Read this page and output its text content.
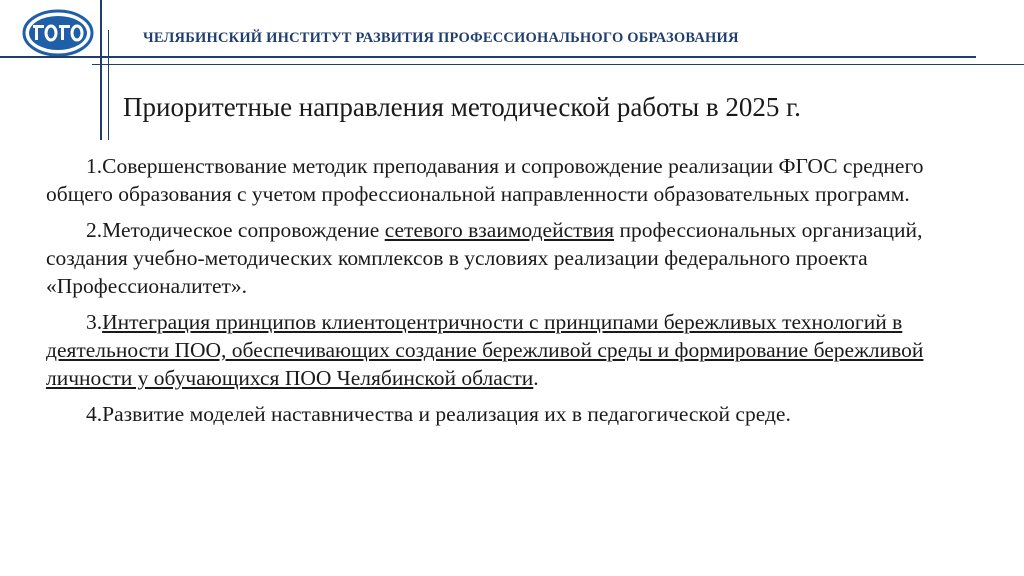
ЧЕЛЯБИНСКИЙ ИНСТИТУТ РАЗВИТИЯ ПРОФЕССИОНАЛЬНОГО ОБРАЗОВАНИЯ
Приоритетные направления методической работы в 2025 г.

1.Совершенствование методик преподавания и сопровождение реализации ФГОС среднего общего образования с учетом профессиональной направленности образовательных программ.

2.Методическое сопровождение сетевого взаимодействия профессиональных организаций, создания учебно-методических комплексов в условиях реализации федерального проекта «Профессионалитет».

3.Интеграция принципов клиентоцентричности с принципами бережливых технологий в деятельности ПОО, обеспечивающих создание бережливой среды и формирование бережливой личности у обучающихся ПОО Челябинской области.

4.Развитие моделей наставничества и реализация их в педагогической среде.
